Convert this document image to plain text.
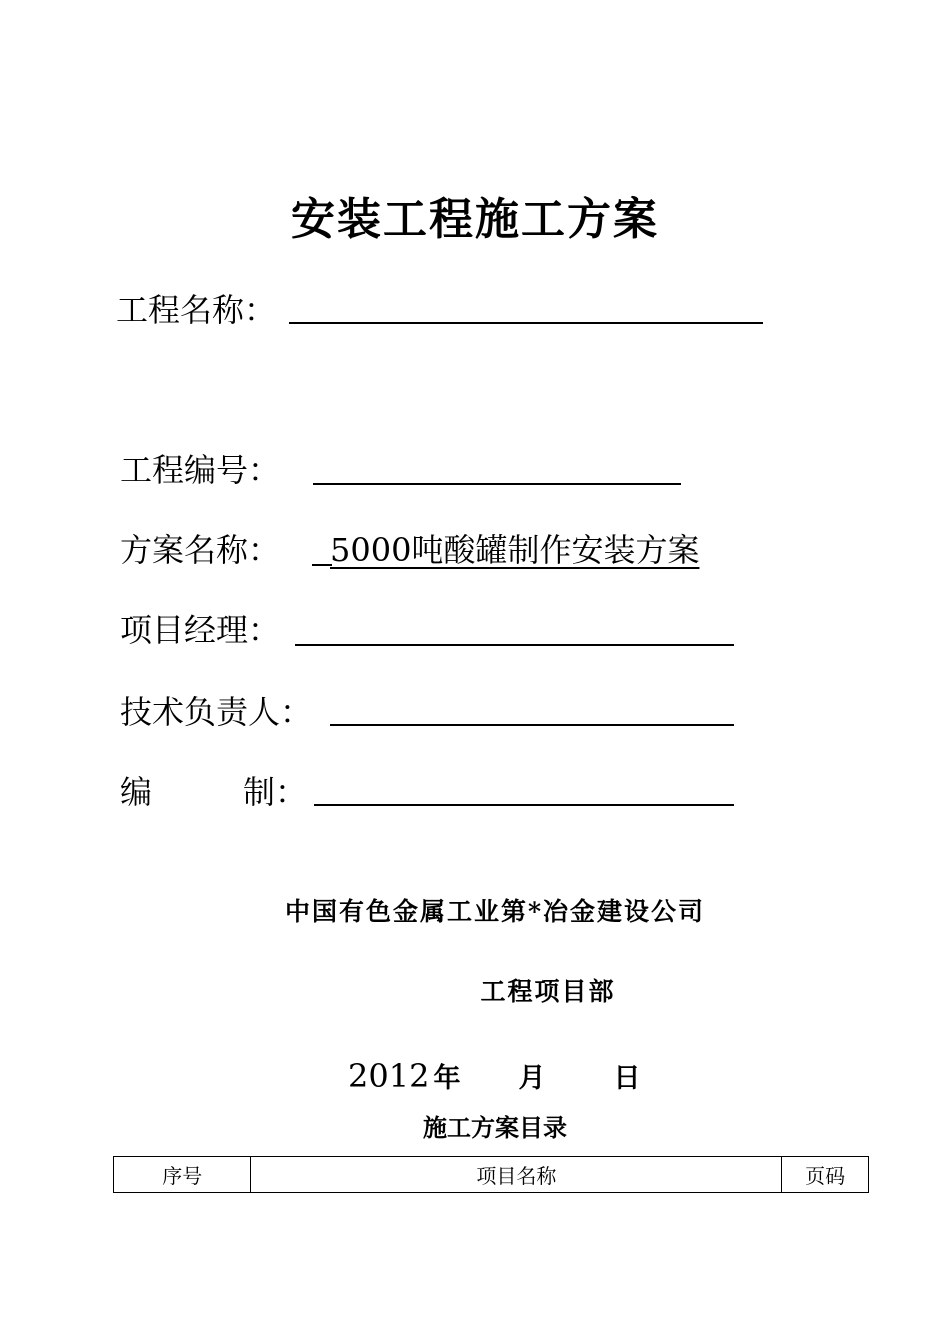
安装工程施工方案
工程名称：
工程编号：
方案名称： 5000吨酸罐制作安装方案
项目经理：
技术负责人：
编	制：
中国有色金属工业第*冶金建设公司
工程项目部
2012 年 月	日
施工方案目录
序号	项目名称	页码
